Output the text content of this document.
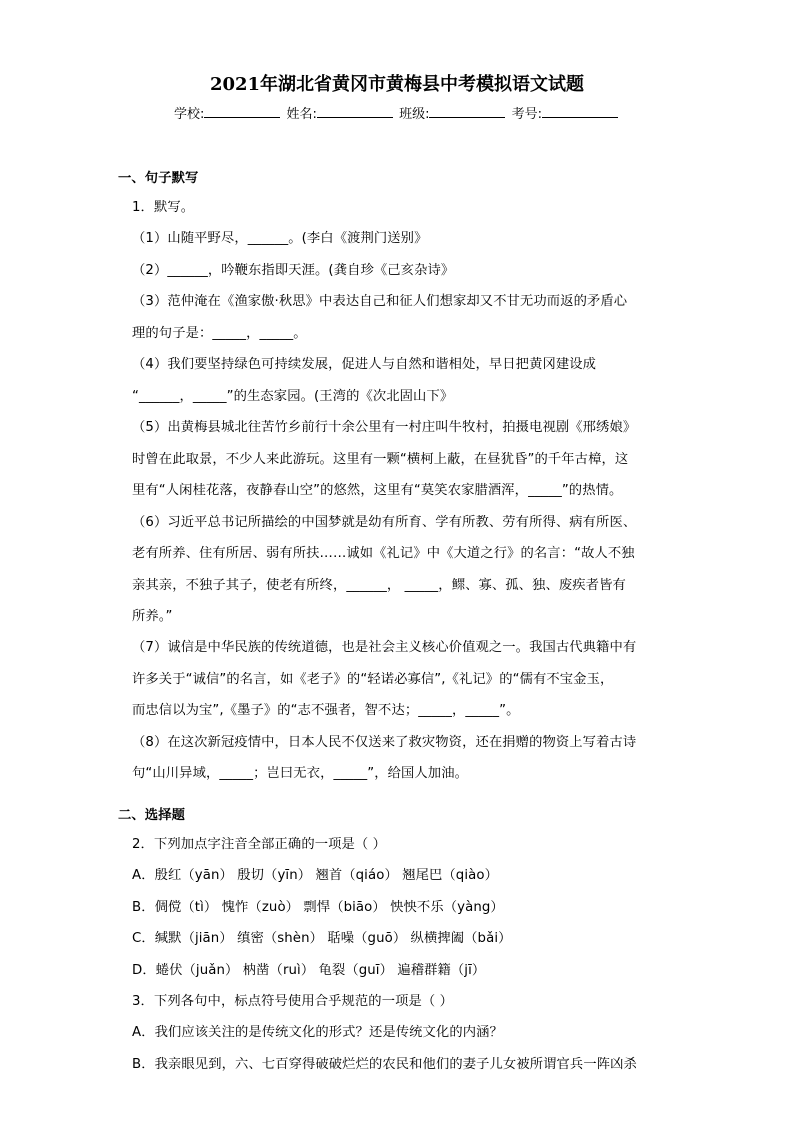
2021年湖北省黄冈市黄梅县中考模拟语文试题
学校:	姓名:	班级:	考号:
一、句子默写
1．默写。
（1）山随平野尽，______。(李白《渡荆门送别》
（2）______，吟鞭东指即天涯。(龚自珍《己亥杂诗》
（3）范仲淹在《渔家傲·秋思》中表达自己和征人们想家却又不甘无功而返的矛盾心
理的句子是：_____，_____。
（4）我们要坚持绿色可持续发展，促进人与自然和谐相处，早日把黄冈建设成
“______，_____”的生态家园。(王湾的《次北固山下》
（5）出黄梅县城北往苦竹乡前行十余公里有一村庄叫牛牧村，拍摄电视剧《邢绣娘》
时曾在此取景，不少人来此游玩。这里有一颗“横柯上蔽，在昼犹昏”的千年古樟，这
里有“人闲桂花落，夜静春山空”的悠然，这里有“莫笑农家腊酒浑，_____”的热情。
（6）习近平总书记所描绘的中国梦就是幼有所育、学有所教、劳有所得、病有所医、
老有所养、住有所居、弱有所扶……诚如《礼记》中《大道之行》的名言：“故人不独
亲其亲，不独子其子，使老有所终，______， _____，鳏、寡、孤、独、废疾者皆有
所养。”
（7）诚信是中华民族的传统道德，也是社会主义核心价值观之一。我国古代典籍中有
许多关于“诚信”的名言，如《老子》的“轻诺必寡信”,《礼记》的“儒有不宝金玉，
而忠信以为宝”,《墨子》的“志不强者，智不达；_____，_____”。
（8）在这次新冠疫情中，日本人民不仅送来了救灾物资，还在捐赠的物资上写着古诗
句“山川异域，_____；岂曰无衣，_____”，给国人加油。
二、选择题
2．下列加点字注音全部正确的一项是（ ）
A．殷红（yān） 殷切（yīn） 翘首（qiáo） 翘尾巴（qiào）
B．倜傥（tì） 愧怍（zuò） 剽悍（biāo） 怏怏不乐（yàng）
C．缄默（jiān） 缜密（shèn） 聒噪（guō） 纵横捭阖（bǎi）
D．蜷伏（juǎn） 枘凿（ruì） 龟裂（guī） 遍稽群籍（jī）
3．下列各句中，标点符号使用合乎规范的一项是（ ）
A．我们应该关注的是传统文化的形式？还是传统文化的内涵？
B．我亲眼见到，六、七百穿得破破烂烂的农民和他们的妻子儿女被所谓官兵一阵凶杀
